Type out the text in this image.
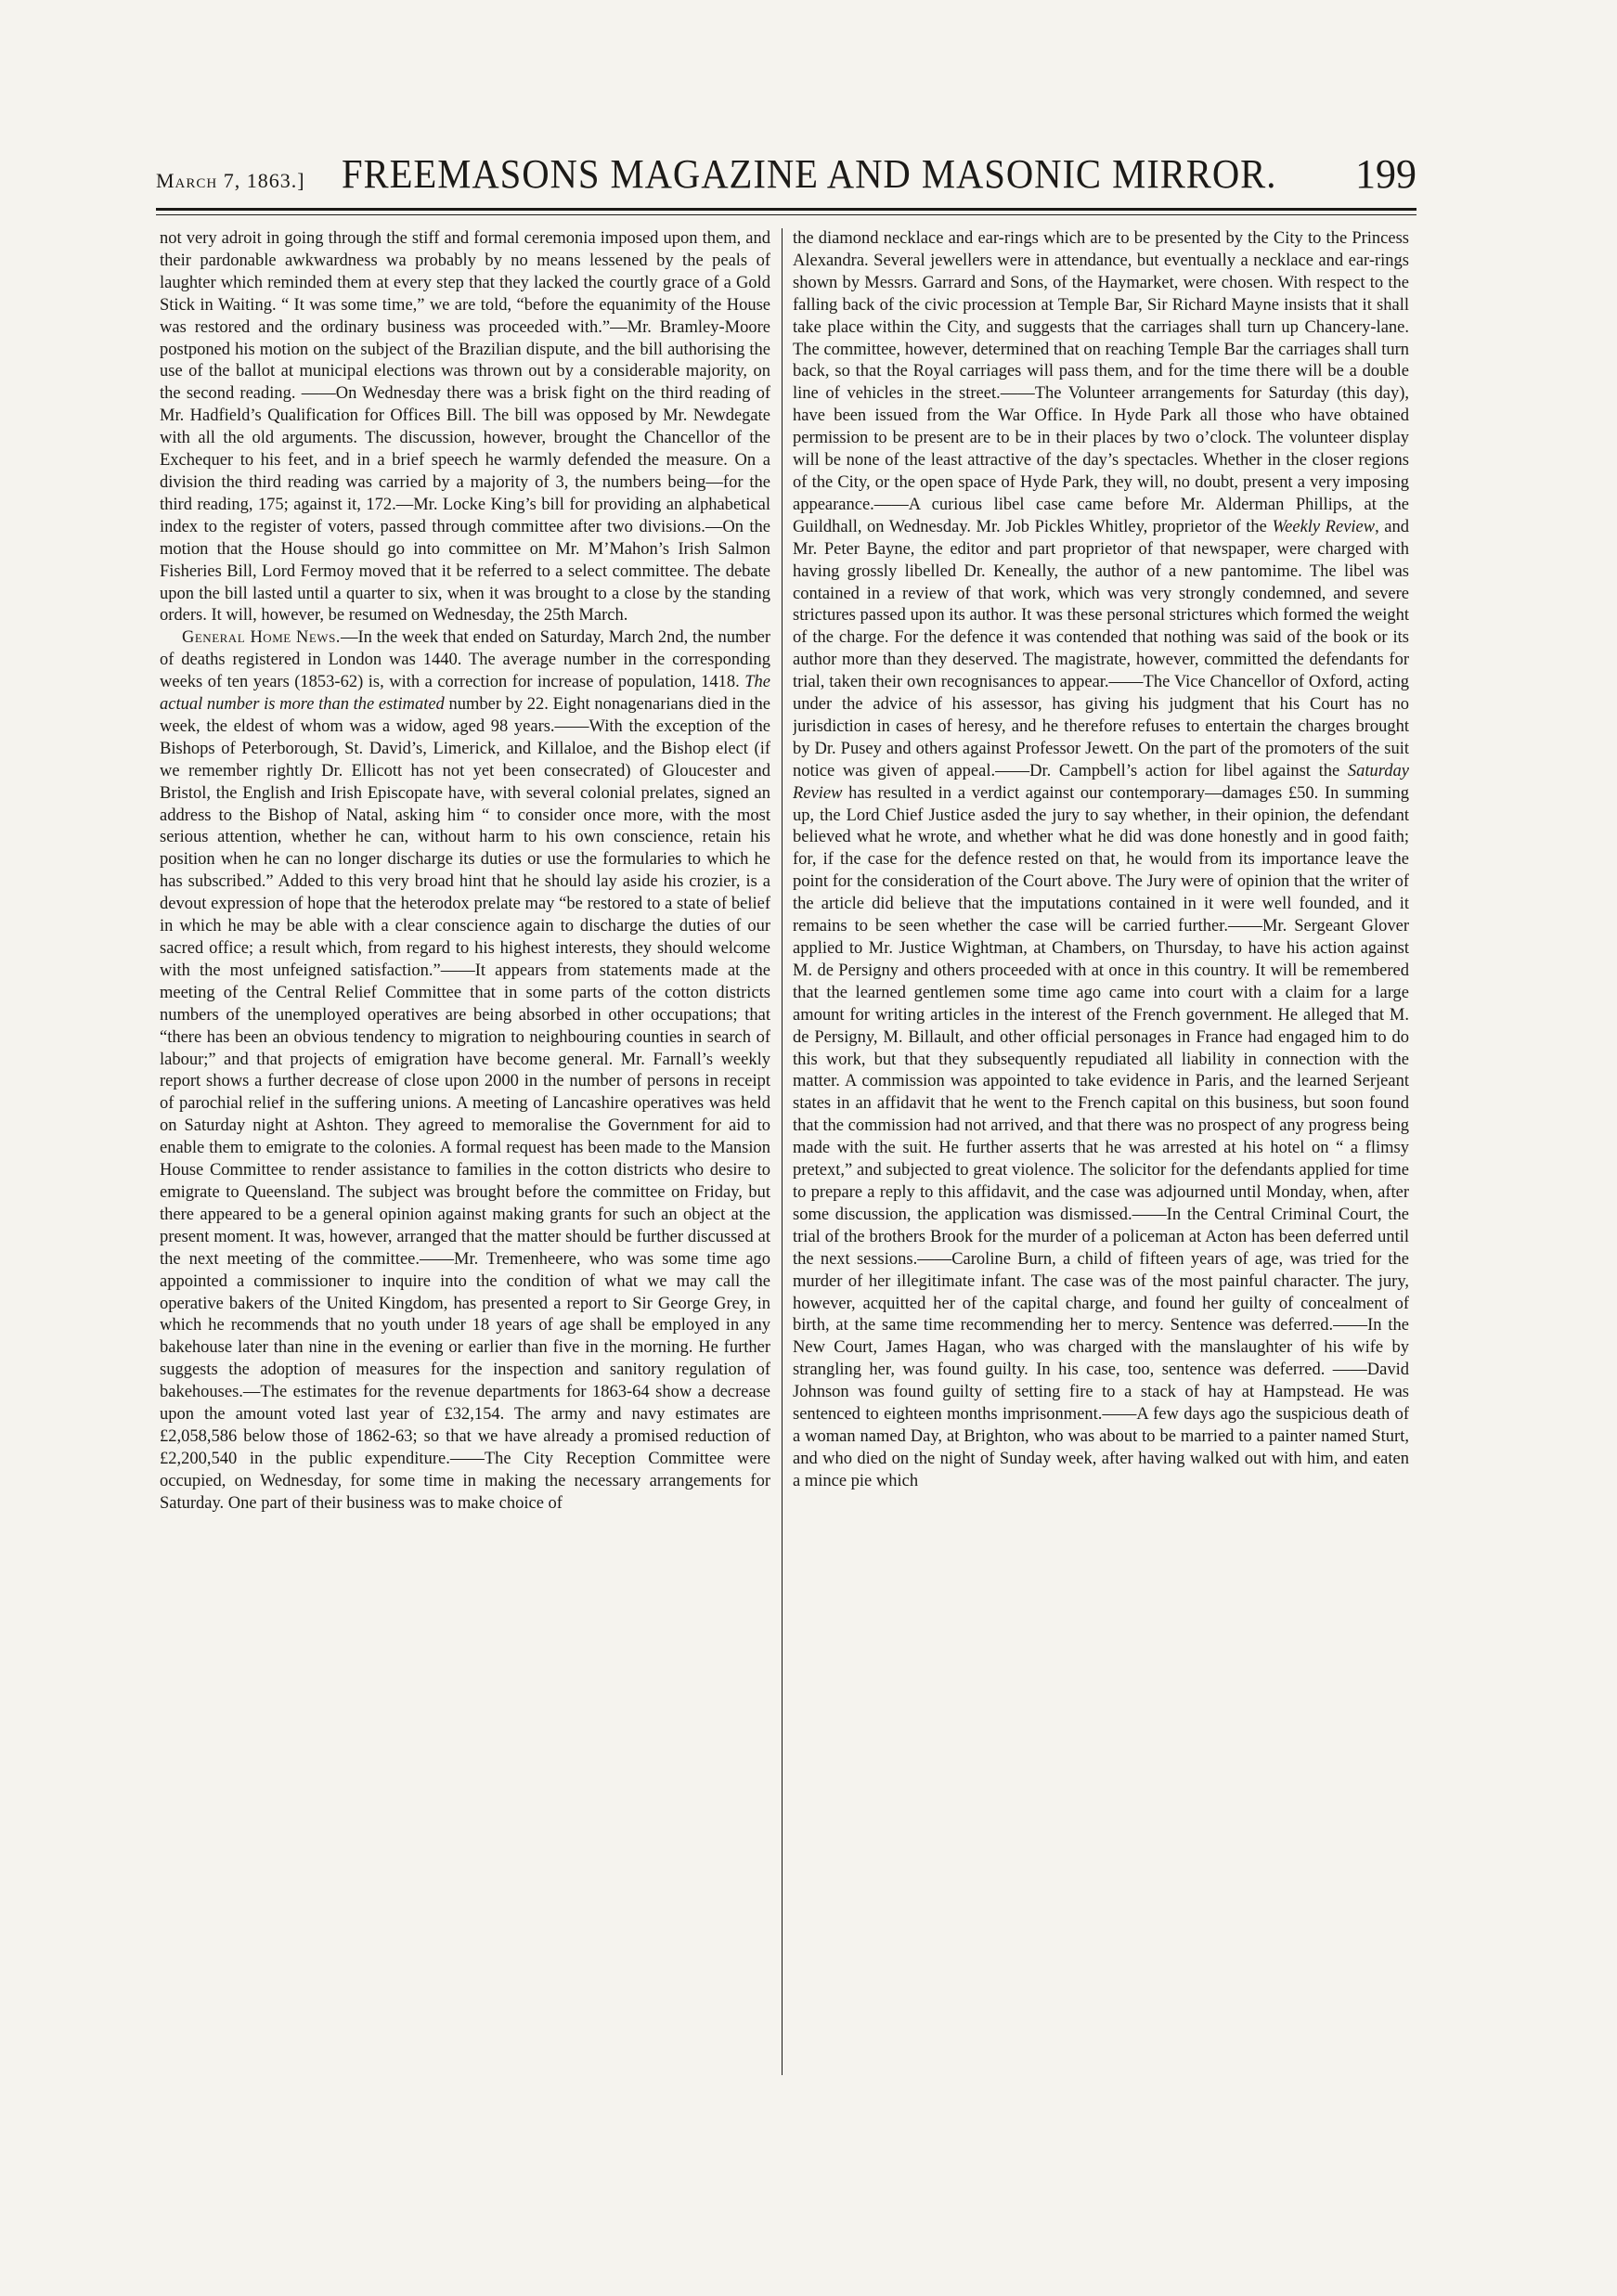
March 7, 1863.] FREEMASONS MAGAZINE AND MASONIC MIRROR. 199

not very adroit in going through the stiff and formal ceremonia imposed upon them, and their pardonable awkwardness wa probably by no means lessened by the peals of laughter which reminded them at every step that they lacked the courtly grace of a Gold Stick in Waiting. “ It was some time,” we are told, “before the equanimity of the House was restored and the ordinary business was proceeded with.”—Mr. Bramley-Moore postponed his motion on the subject of the Brazilian dispute, and the bill authorising the use of the ballot at municipal elections was thrown out by a considerable majority, on the second reading. ——On Wednesday there was a brisk fight on the third reading of Mr. Hadfield’s Qualification for Offices Bill. The bill was opposed by Mr. Newdegate with all the old arguments. The discussion, however, brought the Chancellor of the Exchequer to his feet, and in a brief speech he warmly defended the measure. On a division the third reading was carried by a majority of 3, the numbers being—for the third reading, 175; against it, 172.—Mr. Locke King’s bill for providing an alphabetical index to the register of voters, passed through committee after two divisions.—On the motion that the House should go into committee on Mr. M’Mahon’s Irish Salmon Fisheries Bill, Lord Fermoy moved that it be referred to a select committee. The debate upon the bill lasted until a quarter to six, when it was brought to a close by the standing orders. It will, however, be resumed on Wednesday, the 25th March.

General Home News.—In the week that ended on Saturday, March 2nd, the number of deaths registered in London was 1440. The average number in the corresponding weeks of ten years (1853-62) is, with a correction for increase of population, 1418. The actual number is more than the estimated number by 22. Eight nonagenarians died in the week, the eldest of whom was a widow, aged 98 years.——With the exception of the Bishops of Peterborough, St. David’s, Limerick, and Killaloe, and the Bishop elect (if we remember rightly Dr. Ellicott has not yet been consecrated) of Gloucester and Bristol, the English and Irish Episcopate have, with several colonial prelates, signed an address to the Bishop of Natal, asking him “ to consider once more, with the most serious attention, whether he can, without harm to his own conscience, retain his position when he can no longer discharge its duties or use the formularies to which he has subscribed.” Added to this very broad hint that he should lay aside his crozier, is a devout expression of hope that the heterodox prelate may “be restored to a state of belief in which he may be able with a clear conscience again to discharge the duties of our sacred office; a result which, from regard to his highest interests, they should welcome with the most unfeigned satisfaction.”——It appears from statements made at the meeting of the Central Relief Committee that in some parts of the cotton districts numbers of the unemployed operatives are being absorbed in other occupations; that “there has been an obvious tendency to migration to neighbouring counties in search of labour;” and that projects of emigration have become general. Mr. Farnall’s weekly report shows a further decrease of close upon 2000 in the number of persons in receipt of parochial relief in the suffering unions. A meeting of Lancashire operatives was held on Saturday night at Ashton. They agreed to memoralise the Government for aid to enable them to emigrate to the colonies. A formal request has been made to the Mansion House Committee to render assistance to families in the cotton districts who desire to emigrate to Queensland. The subject was brought before the committee on Friday, but there appeared to be a general opinion against making grants for such an object at the present moment. It was, however, arranged that the matter should be further discussed at the next meeting of the committee.——Mr. Tremenheere, who was some time ago appointed a commissioner to inquire into the condition of what we may call the operative bakers of the United Kingdom, has presented a report to Sir George Grey, in which he recommends that no youth under 18 years of age shall be employed in any bakehouse later than nine in the evening or earlier than five in the morning. He further suggests the adoption of measures for the inspection and sanitory regulation of bakehouses.—The estimates for the revenue departments for 1863-64 show a decrease upon the amount voted last year of £32,154. The army and navy estimates are £2,058,586 below those of 1862-63; so that we have already a promised reduction of £2,200,540 in the public expenditure.——The City Reception Committee were occupied, on Wednesday, for some time in making the necessary arrangements for Saturday. One part of their business was to make choice of

the diamond necklace and ear-rings which are to be presented by the City to the Princess Alexandra. Several jewellers were in attendance, but eventually a necklace and ear-rings shown by Messrs. Garrard and Sons, of the Haymarket, were chosen. With respect to the falling back of the civic procession at Temple Bar, Sir Richard Mayne insists that it shall take place within the City, and suggests that the carriages shall turn up Chancery-lane. The committee, however, determined that on reaching Temple Bar the carriages shall turn back, so that the Royal carriages will pass them, and for the time there will be a double line of vehicles in the street.——The Volunteer arrangements for Saturday (this day), have been issued from the War Office. In Hyde Park all those who have obtained permission to be present are to be in their places by two o’clock. The volunteer display will be none of the least attractive of the day’s spectacles. Whether in the closer regions of the City, or the open space of Hyde Park, they will, no doubt, present a very imposing appearance.——A curious libel case came before Mr. Alderman Phillips, at the Guildhall, on Wednesday. Mr. Job Pickles Whitley, proprietor of the Weekly Review, and Mr. Peter Bayne, the editor and part proprietor of that newspaper, were charged with having grossly libelled Dr. Keneally, the author of a new pantomime. The libel was contained in a review of that work, which was very strongly condemned, and severe strictures passed upon its author. It was these personal strictures which formed the weight of the charge. For the defence it was contended that nothing was said of the book or its author more than they deserved. The magistrate, however, committed the defendants for trial, taken their own recognisances to appear.——The Vice Chancellor of Oxford, acting under the advice of his assessor, has giving his judgment that his Court has no jurisdiction in cases of heresy, and he therefore refuses to entertain the charges brought by Dr. Pusey and others against Professor Jewett. On the part of the promoters of the suit notice was given of appeal.——Dr. Campbell’s action for libel against the Saturday Review has resulted in a verdict against our contemporary—damages £50. In summing up, the Lord Chief Justice asded the jury to say whether, in their opinion, the defendant believed what he wrote, and whether what he did was done honestly and in good faith; for, if the case for the defence rested on that, he would from its importance leave the point for the consideration of the Court above. The Jury were of opinion that the writer of the article did believe that the imputations contained in it were well founded, and it remains to be seen whether the case will be carried further.——Mr. Sergeant Glover applied to Mr. Justice Wightman, at Chambers, on Thursday, to have his action against M. de Persigny and others proceeded with at once in this country. It will be remembered that the learned gentlemen some time ago came into court with a claim for a large amount for writing articles in the interest of the French government. He alleged that M. de Persigny, M. Billault, and other official personages in France had engaged him to do this work, but that they subsequently repudiated all liability in connection with the matter. A commission was appointed to take evidence in Paris, and the learned Serjeant states in an affidavit that he went to the French capital on this business, but soon found that the commission had not arrived, and that there was no prospect of any progress being made with the suit. He further asserts that he was arrested at his hotel on “ a flimsy pretext,” and subjected to great violence. The solicitor for the defendants applied for time to prepare a reply to this affidavit, and the case was adjourned until Monday, when, after some discussion, the application was dismissed.——In the Central Criminal Court, the trial of the brothers Brook for the murder of a policeman at Acton has been deferred until the next sessions.——Caroline Burn, a child of fifteen years of age, was tried for the murder of her illegitimate infant. The case was of the most painful character. The jury, however, acquitted her of the capital charge, and found her guilty of concealment of birth, at the same time recommending her to mercy. Sentence was deferred.——In the New Court, James Hagan, who was charged with the manslaughter of his wife by strangling her, was found guilty. In his case, too, sentence was deferred. ——David Johnson was found guilty of setting fire to a stack of hay at Hampstead. He was sentenced to eighteen months imprisonment.——A few days ago the suspicious death of a woman named Day, at Brighton, who was about to be married to a painter named Sturt, and who died on the night of Sunday week, after having walked out with him, and eaten a mince pie which
